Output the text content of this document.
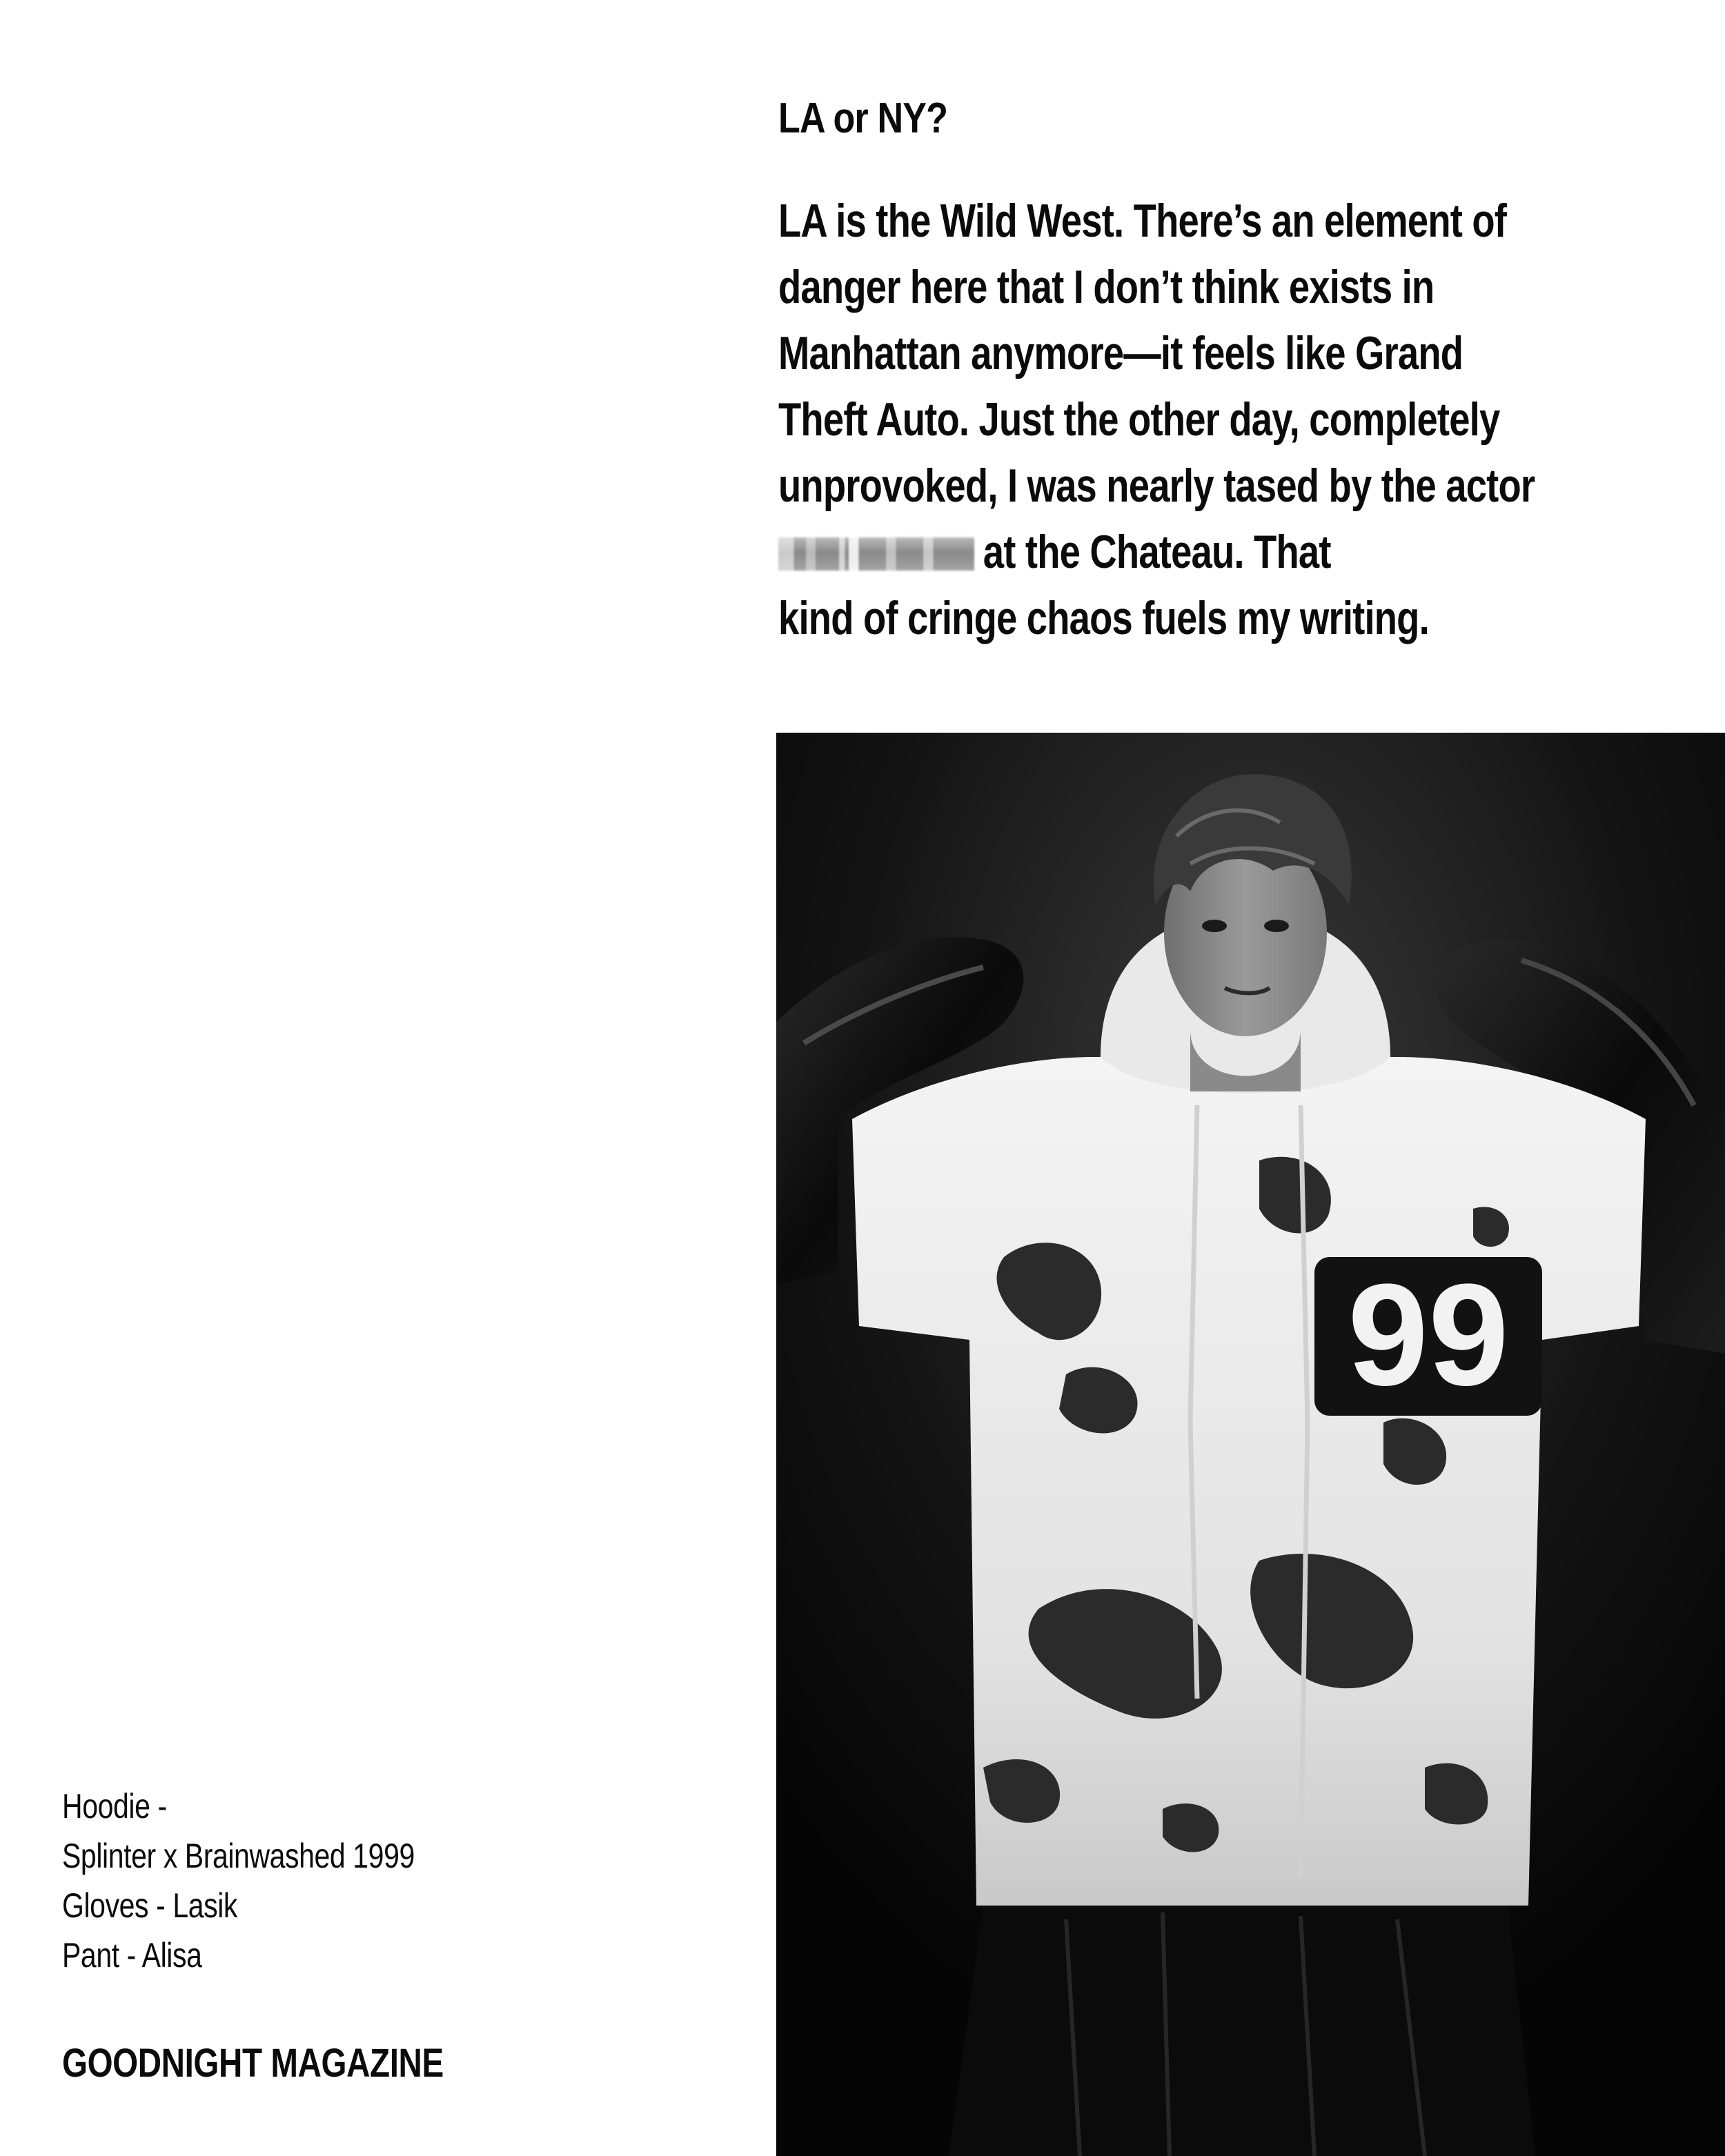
LA or NY?
LA is the Wild West. There’s an element of
danger here that I don’t think exists in
Manhattan anymore—it feels like Grand
Theft Auto. Just the other day, completely
unprovoked, I was nearly tased by the actor
at the Chateau. That
kind of cringe chaos fuels my writing.
99
Hoodie -
Splinter x Brainwashed 1999
Gloves - Lasik
Pant - Alisa
GOODNIGHT MAGAZINE
